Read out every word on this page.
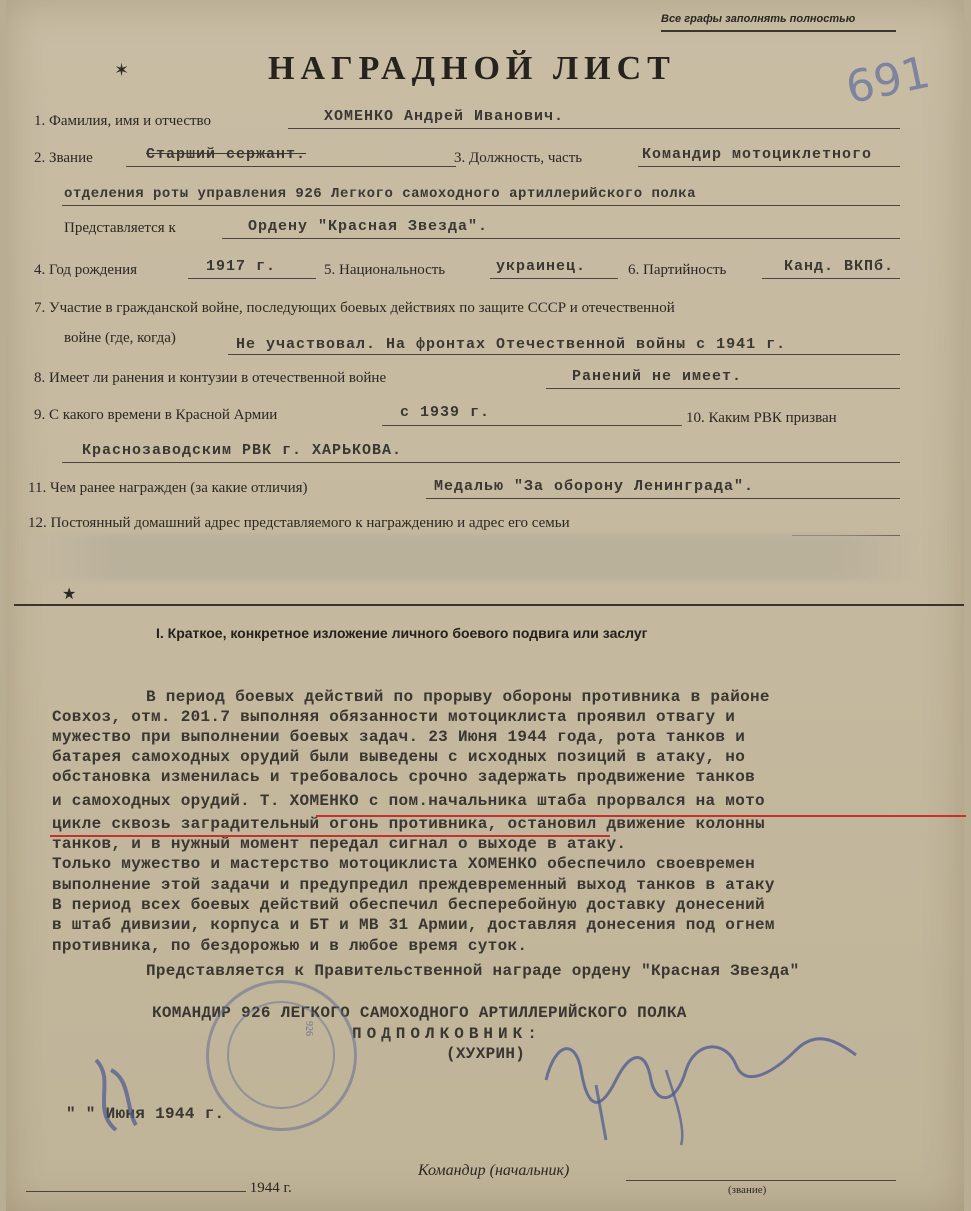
Все графы заполнять полностью
НАГРАДНОЙ ЛИСТ	691
✶
1. Фамилия, имя и отчество	ХОМЕНКО Андрей Иванович.
2. Звание	Старший сержант.	3. Должность, часть	Командир мотоциклетного
отделения роты управления 926 Легкого самоходного артиллерийского полка
Представляется к	Ордену "Красная Звезда".
4. Год рождения	1917 г.	5. Национальность	украинец.	6. Партийность	Канд. ВКПб.
7. Участие в гражданской войне, последующих боевых действиях по защите СССР и отечественной
войне (где, когда)	Не участвовал. На фронтах Отечественной войны с 1941 г.
8. Имеет ли ранения и контузии в отечественной войне	Ранений не имеет.
9. С какого времени в Красной Армии	с 1939 г.	10. Каким РВК призван
Краснозаводским РВК г. ХАРЬКОВА.
11. Чем ранее награжден (за какие отличия)	Медалью "За оборону Ленинграда".
12. Постоянный домашний адрес представляемого к награждению и адрес его семьи
★
I. Краткое, конкретное изложение личного боевого подвига или заслуг
В период боевых действий по прорыву обороны противника в районе
Совхоз, отм. 201.7 выполняя обязанности мотоциклиста проявил отвагу и
мужество при выполнении боевых задач. 23 Июня 1944 года, рота танков и
батарея самоходных орудий были выведены с исходных позиций в атаку, но
обстановка изменилась и требовалось срочно задержать продвижение танков
и самоходных орудий. Т. ХОМЕНКО с пом.начальника штаба прорвался на мото
цикле сквозь заградительный огонь противника, остановил движение колонны
танков, и в нужный момент передал сигнал о выходе в атаку.
Только мужество и мастерство мотоциклиста ХОМЕНКО обеспечило своевремен
выполнение этой задачи и предупредил преждевременный выход танков в атаку
В период всех боевых действий обеспечил бесперебойную доставку донесений
в штаб дивизии, корпуса и БТ и МВ 31 Армии, доставляя донесения под огнем
противника, по бездорожью и в любое время суток.
Представляется к Правительственной награде ордену "Красная Звезда"
КОМАНДИР 926 ЛЕГКОГО САМОХОДНОГО АРТИЛЛЕРИЙСКОГО ПОЛКА
ПОДПОЛКОВНИК:
(ХУХРИН)
" " Июня 1944 г.
926
1944 г.
Командир (начальник)
(звание)
